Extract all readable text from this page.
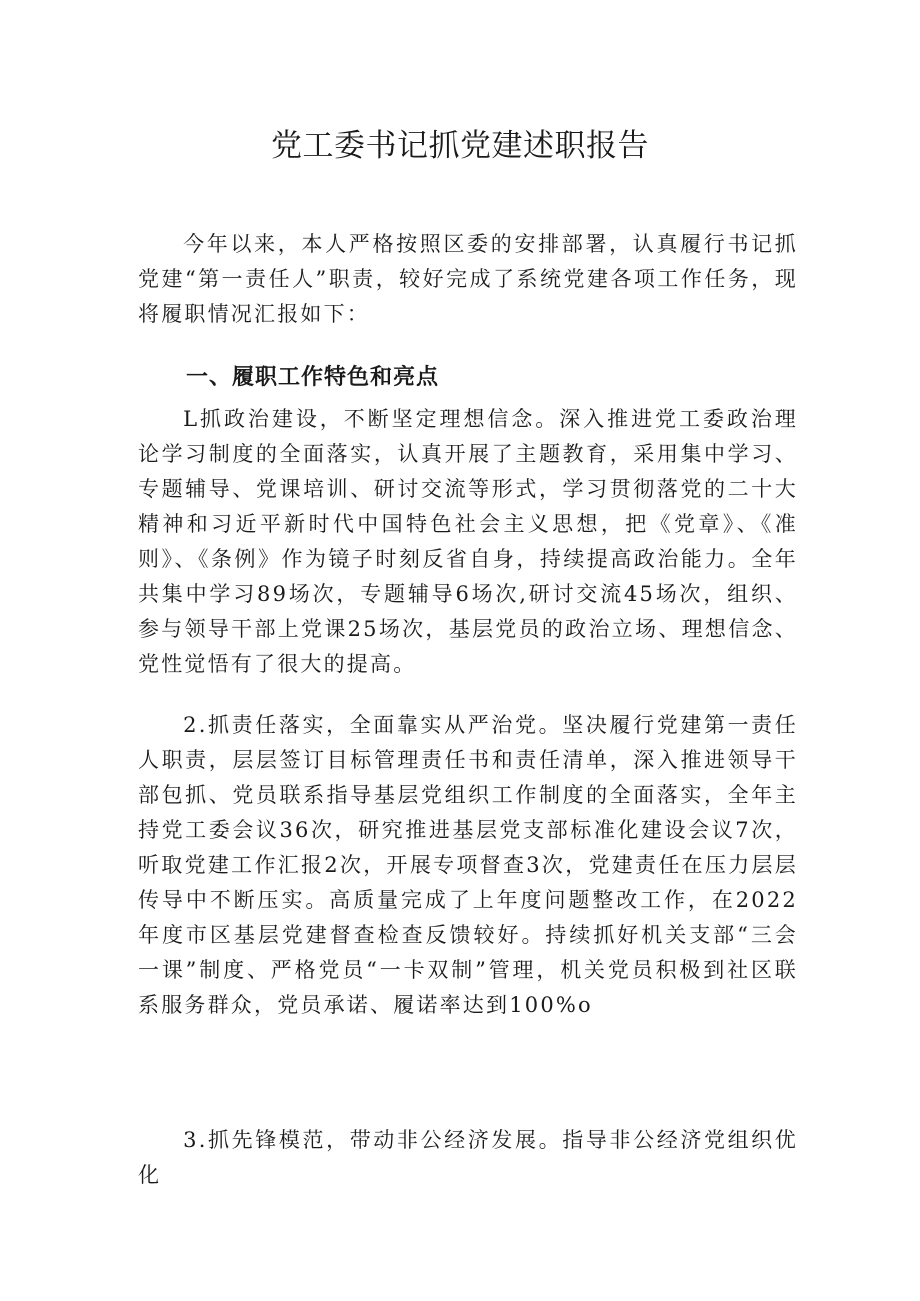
党工委书记抓党建述职报告

今年以来，本人严格按照区委的安排部署，认真履行书记抓党建“第一责任人”职责，较好完成了系统党建各项工作任务，现将履职情况汇报如下：

一、履职工作特色和亮点

L抓政治建设，不断坚定理想信念。深入推进党工委政治理论学习制度的全面落实，认真开展了主题教育，采用集中学习、专题辅导、党课培训、研讨交流等形式，学习贯彻落党的二十大精神和习近平新时代中国特色社会主义思想，把《党章》、《准则》、《条例》作为镜子时刻反省自身，持续提高政治能力。全年共集中学习89场次，专题辅导6场次,研讨交流45场次，组织、参与领导干部上党课25场次，基层党员的政治立场、理想信念、党性觉悟有了很大的提高。

2.抓责任落实，全面靠实从严治党。坚决履行党建第一责任人职责，层层签订目标管理责任书和责任清单，深入推进领导干部包抓、党员联系指导基层党组织工作制度的全面落实，全年主持党工委会议36次，研究推进基层党支部标准化建设会议7次，听取党建工作汇报2次，开展专项督查3次，党建责任在压力层层传导中不断压实。高质量完成了上年度问题整改工作，在2022年度市区基层党建督查检查反馈较好。持续抓好机关支部“三会一课”制度、严格党员“一卡双制”管理，机关党员积极到社区联系服务群众，党员承诺、履诺率达到100%o

3.抓先锋模范，带动非公经济发展。指导非公经济党组织优化
